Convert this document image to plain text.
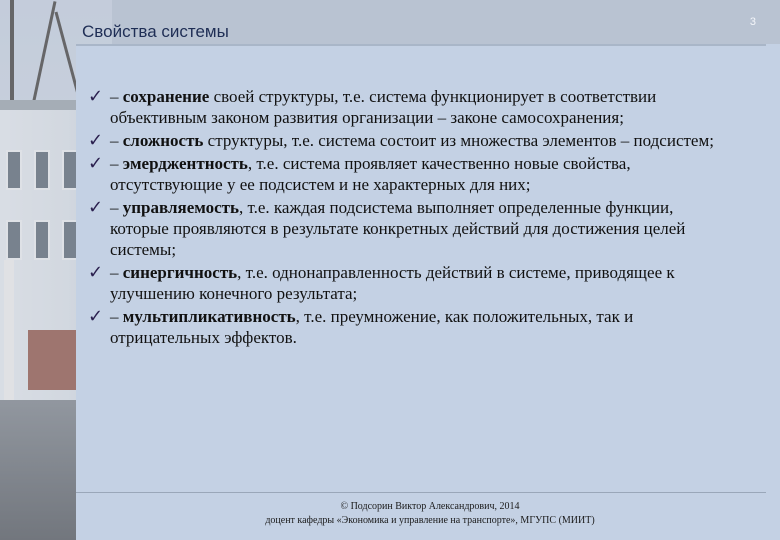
Свойства системы	3
✓ – сохранение своей структуры, т.е. система функционирует в соответствии объективным законом развития организации – законе самосохранения;
✓ – сложность структуры, т.е. система состоит из множества элементов – подсистем;
✓ – эмерджентность, т.е. система проявляет качественно новые свойства, отсутствующие у ее подсистем и не характерных для них;
✓ – управляемость, т.е. каждая подсистема выполняет определенные функции, которые проявляются в результате конкретных действий для достижения целей системы;
✓ – синергичность, т.е. однонаправленность действий в системе, приводящее к улучшению конечного результата;
✓ – мультипликативность, т.е. преумножение, как положительных, так и отрицательных эффектов.
© Подсорин Виктор Александрович, 2014
доцент кафедры «Экономика и управление на транспорте», МГУПС (МИИТ)
